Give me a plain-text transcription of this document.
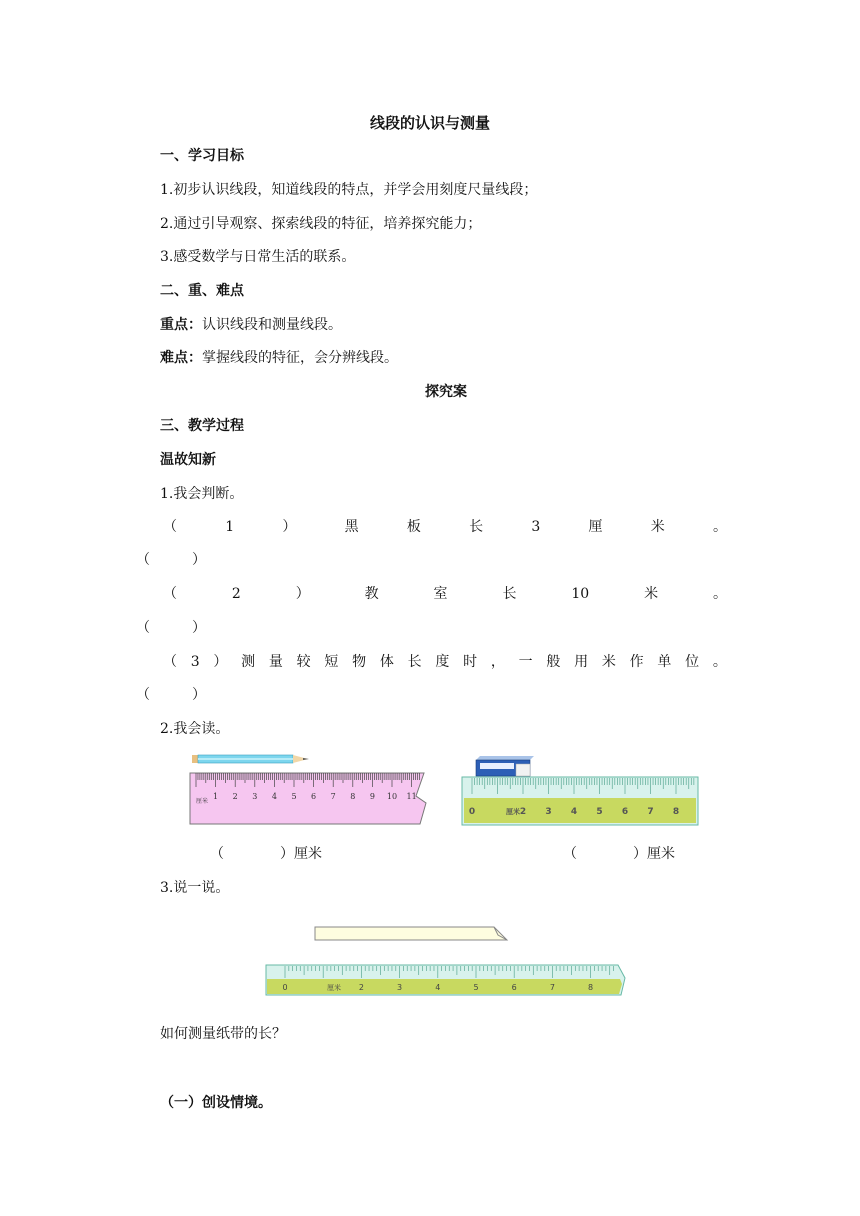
线段的认识与测量
一、学习目标
1.初步认识线段，知道线段的特点，并学会用刻度尺量线段；
2.通过引导观察、探索线段的特征，培养探究能力；
3.感受数学与日常生活的联系。
二、重、难点
重点：认识线段和测量线段。
难点：掌握线段的特征，会分辨线段。
探究案
三、教学过程
温故知新
1.我会判断。
（	1	）	黑	板	长	3	厘	米	。
（　　　）
（	2	）	教	室	长	10	米	。
（　　　）
（ 3 ） 测 量 较 短 物 体 长 度 时 ， 一 般 用 米 作 单 位 。
（　　　）
2.我会读。
1 2 3 4 5 6 7 8 9 10 11
厘米
0	2 3 4 5 6 7 8
厘米
（　　　　）厘米	（　　　　）厘米
3.说一说。
0	2	3	4	5	6	7	8
厘米
如何测量纸带的长？
（一）创设情境。
